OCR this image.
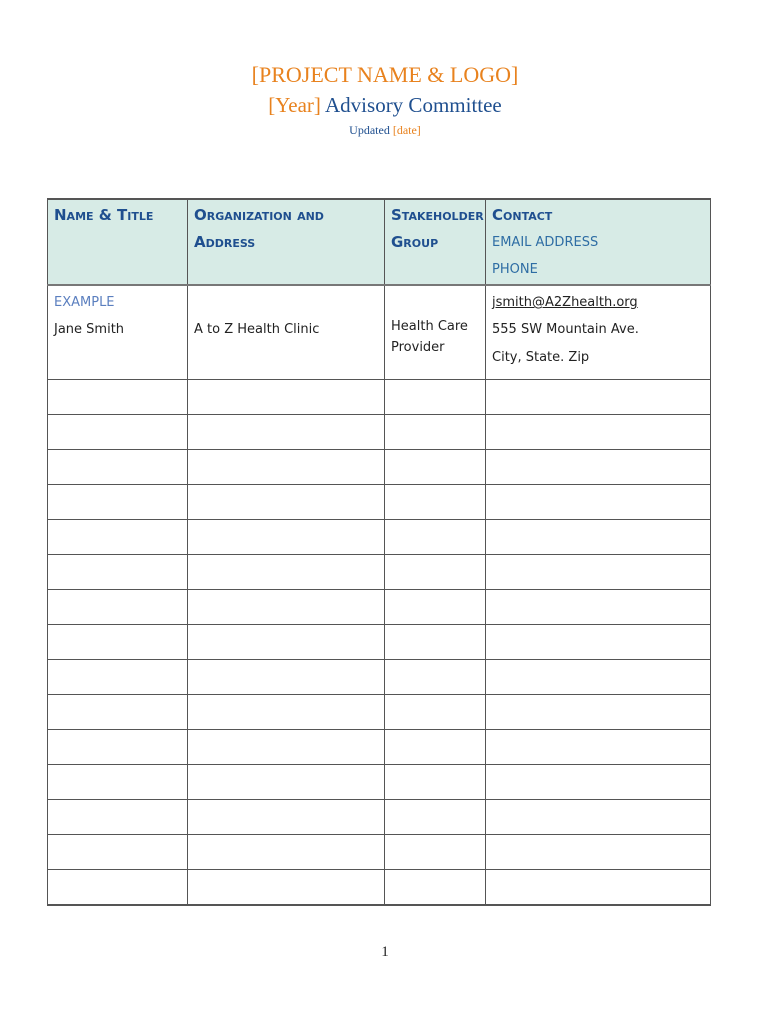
[PROJECT NAME & LOGO]
[Year] Advisory Committee
Updated [date]
Name & Title	Organization and Address	Stakeholder Group	Contact
EMAIL ADDRESS
PHONE

EXAMPLE
Jane Smith	A to Z Health Clinic	Health Care Provider	jsmith@A2Zhealth.org
555 SW Mountain Ave.
City, State. Zip

1
